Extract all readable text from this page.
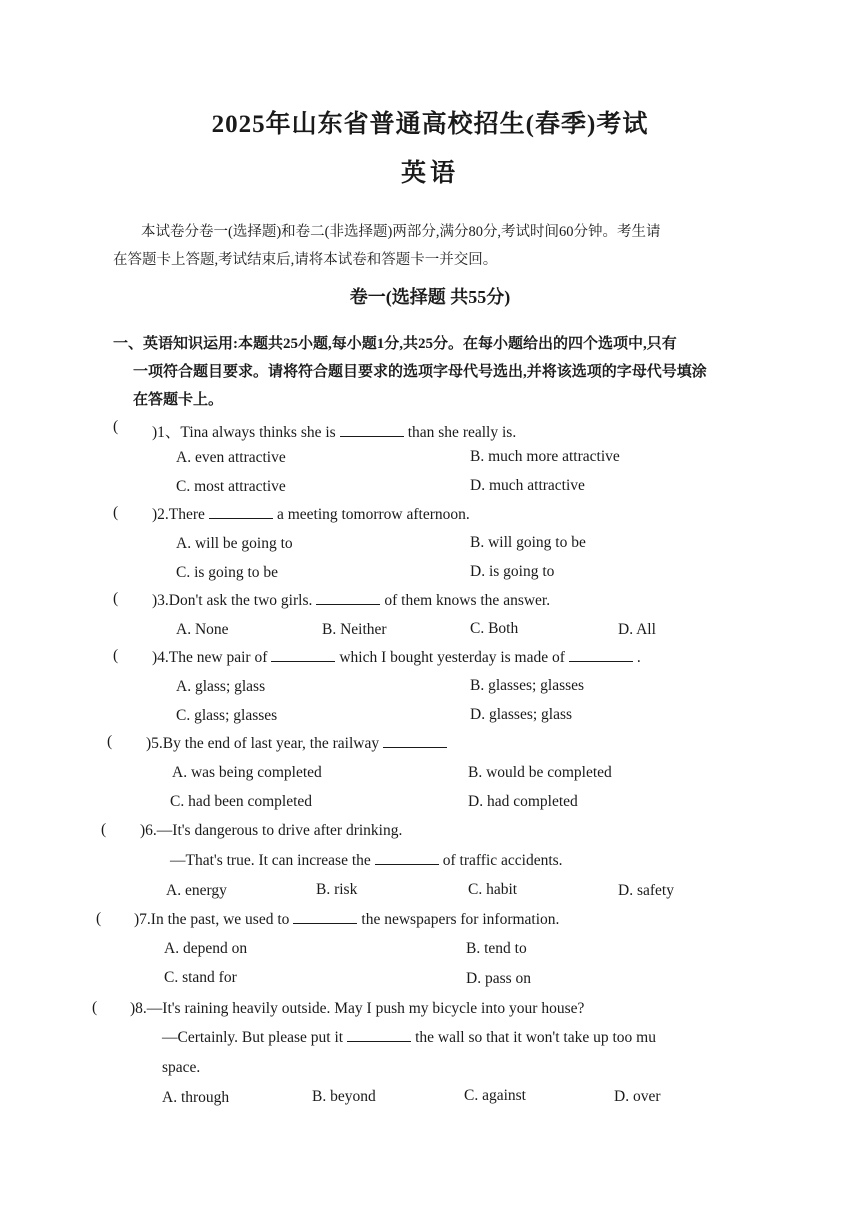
2025年山东省普通高校招生(春季)考试
英语

本试卷分卷一(选择题)和卷二(非选择题)两部分,满分80分,考试时间60分钟。考生请

在答题卡上答题,考试结束后,请将本试卷和答题卡一并交回。

卷一(选择题 共55分)

一、英语知识运用:本题共25小题,每小题1分,共25分。在每小题给出的四个选项中,只有

一项符合题目要求。请将符合题目要求的选项字母代号选出,并将该选项的字母代号填涂

在答题卡上。

( )1、Tina always thinks she is	than she really is.
A. even attractive	B. much more attractive
C. most attractive	D. much attractive
( )2.There	a meeting tomorrow afternoon.
A. will be going to	B. will going to be
C. is going to be	D. is going to
( )3.Don't ask the two girls.	of them knows the answer.
A. None	B. Neither	C. Both	D. All
( )4.The new pair of	which I bought yesterday is made of	.
A. glass; glass	B. glasses; glasses
C. glass; glasses	D. glasses; glass
( )5.By the end of last year, the railway
A. was being completed	B. would be completed
C. had been completed	D. had completed
( )6.—It's dangerous to drive after drinking.
—That's true. It can increase the	of traffic accidents.
A. energy	B. risk	C. habit	D. safety
( )7.In the past, we used to	the newspapers for information.
A. depend on	B. tend to
C. stand for	D. pass on
( )8.—It's raining heavily outside. May I push my bicycle into your house?
—Certainly. But please put it	the wall so that it won't take up too mu
space.
A. through	B. beyond	C. against	D. over
